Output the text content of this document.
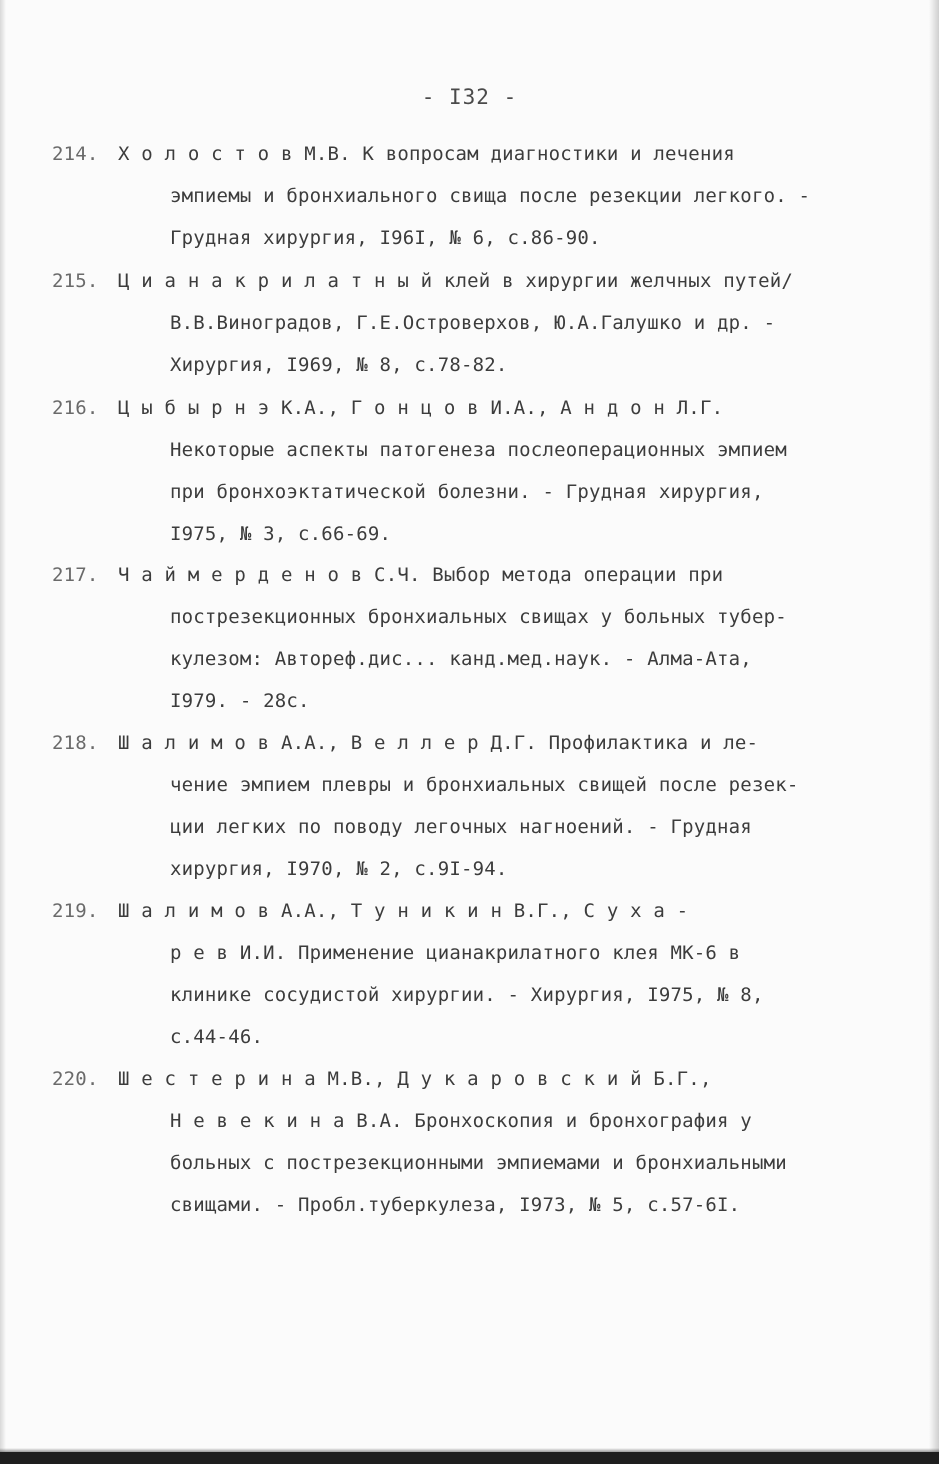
- I32 -
214. Х о л о с т о в М.В. К вопросам диагностики и лечения
эмпиемы и бронхиального свища после резекции легкого. -
Грудная хирургия, I96I, № 6, с.86-90.
215. Ц и а н а к р и л а т н ы й клей в хирургии желчных путей/
В.В.Виноградов, Г.Е.Островерхов, Ю.А.Галушко и др. -
Хирургия, I969, № 8, с.78-82.
216. Ц ы б ы р н э К.А., Г о н ц о в И.А., А н д о н Л.Г.
Некоторые аспекты патогенеза послеоперационных эмпием
при бронхоэктатической болезни. - Грудная хирургия,
I975, № 3, с.66-69.
217. Ч а й м е р д е н о в С.Ч. Выбор метода операции при
пострезекционных бронхиальных свищах у больных тубер-
кулезом: Автореф.дис... канд.мед.наук. - Алма-Ата,
I979. - 28с.
218. Ш а л и м о в А.А., В е л л е р Д.Г. Профилактика и ле-
чение эмпием плевры и бронхиальных свищей после резек-
ции легких по поводу легочных нагноений. - Грудная
хирургия, I970, № 2, с.9I-94.
219. Ш а л и м о в А.А., Т у н и к и н В.Г., С у х а -
р е в И.И. Применение цианакрилатного клея МК-6 в
клинике сосудистой хирургии. - Хирургия, I975, № 8,
с.44-46.
220. Ш е с т е р и н а М.В., Д у к а р о в с к и й Б.Г.,
Н е в е к и н а В.А. Бронхоскопия и бронхография у
больных с пострезекционными эмпиемами и бронхиальными
свищами. - Пробл.туберкулеза, I973, № 5, с.57-6I.
